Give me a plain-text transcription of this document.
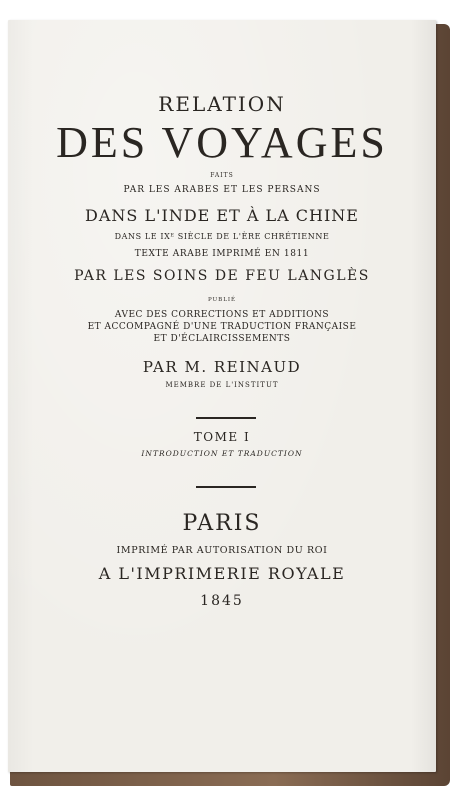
RELATION

DES VOYAGES

FAITS

PAR LES ARABES ET LES PERSANS

DANS L'INDE ET À LA CHINE

DANS LE IXᴱ SIÈCLE DE L'ÈRE CHRÉTIENNE

TEXTE ARABE IMPRIMÉ EN 1811

PAR LES SOINS DE FEU LANGLÈS

PUBLIÉ

AVEC DES CORRECTIONS ET ADDITIONS

ET ACCOMPAGNÉ D'UNE TRADUCTION FRANÇAISE

ET D'ÉCLAIRCISSEMENTS

PAR M. REINAUD

MEMBRE DE L'INSTITUT

TOME I

INTRODUCTION ET TRADUCTION

PARIS

IMPRIMÉ PAR AUTORISATION DU ROI

A L'IMPRIMERIE ROYALE

1845
